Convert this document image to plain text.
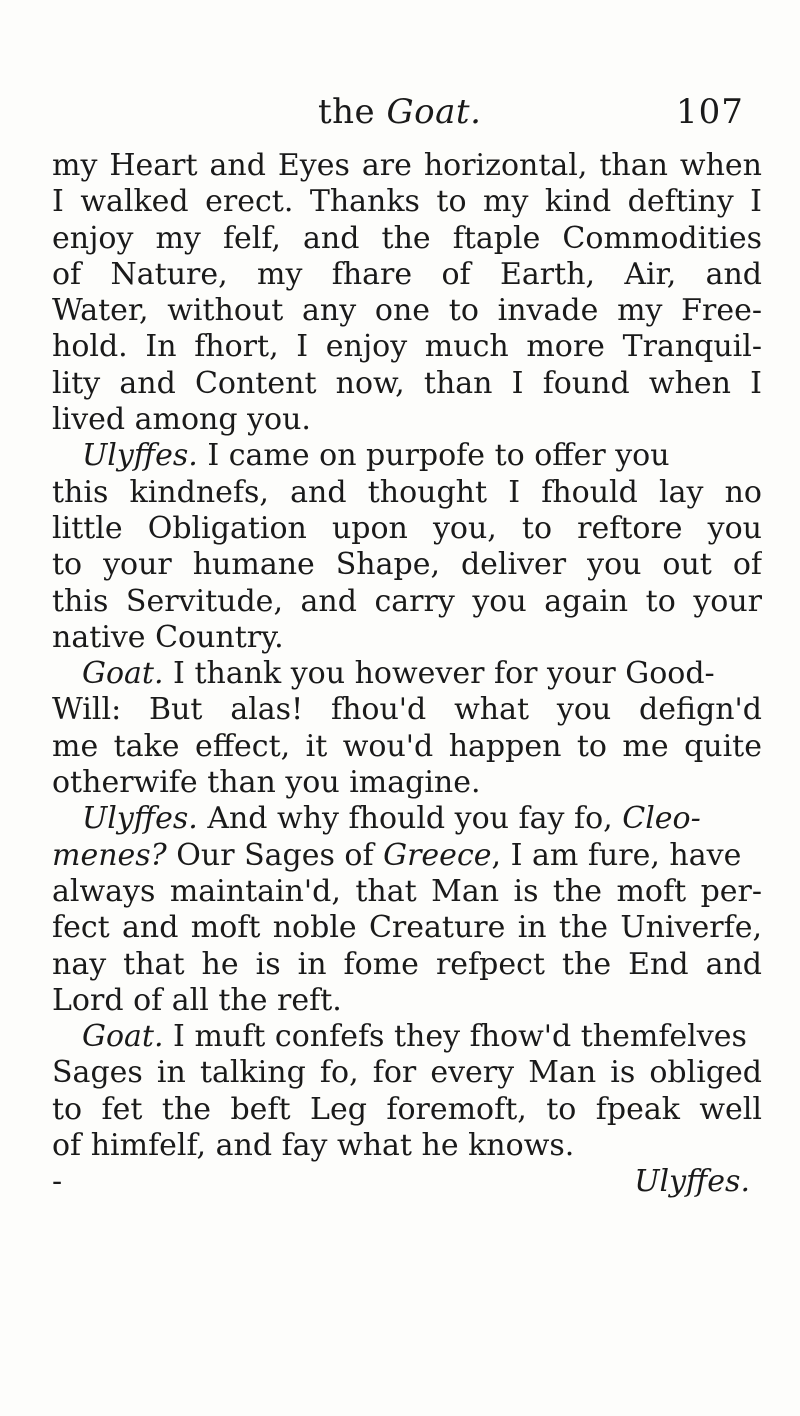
the Goat.	107
my Heart and Eyes are horizontal, than when
I walked erect. Thanks to my kind deftiny I
enjoy my felf, and the ftaple Commodities
of Nature, my fhare of Earth, Air, and
Water, without any one to invade my Free-
hold. In fhort, I enjoy much more Tranquil-
lity and Content now, than I found when I
lived among you.
Ulyffes. I came on purpofe to offer you
this kindnefs, and thought I fhould lay no
little Obligation upon you, to reftore you
to your humane Shape, deliver you out of
this Servitude, and carry you again to your
native Country.
Goat. I thank you however for your Good-
Will: But alas! fhou'd what you defign'd
me take effect, it wou'd happen to me quite
otherwife than you imagine.
Ulyffes. And why fhould you fay fo, Cleo-
menes? Our Sages of Greece, I am fure, have
always maintain'd, that Man is the moft per-
fect and moft noble Creature in the Univerfe,
nay that he is in fome refpect the End and
Lord of all the reft.
Goat. I muft confefs they fhow'd themfelves
Sages in talking fo, for every Man is obliged
to fet the beft Leg foremoft, to fpeak well
of himfelf, and fay what he knows.
-	Ulyffes.
